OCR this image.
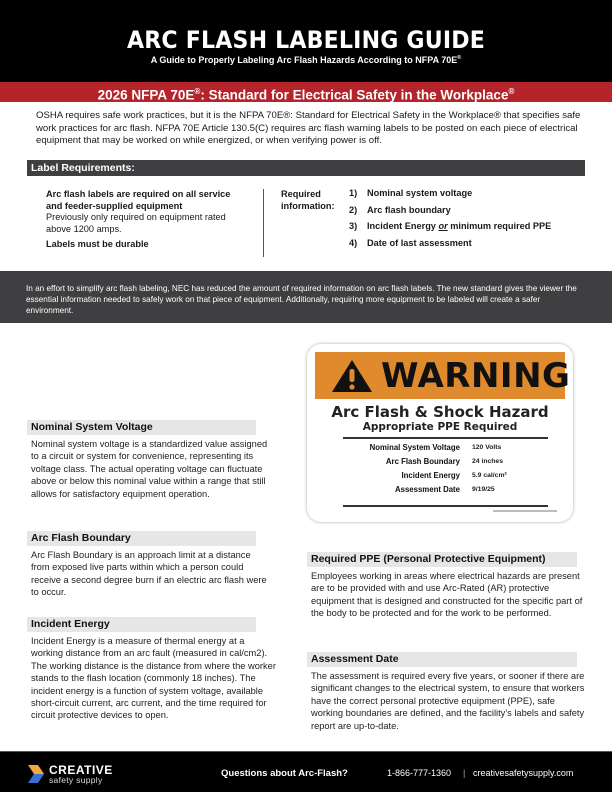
ARC FLASH LABELING GUIDE
A Guide to Properly Labeling Arc Flash Hazards According to NFPA 70E®
2026 NFPA 70E®: Standard for Electrical Safety in the Workplace®

OSHA requires safe work practices, but it is the NFPA 70E®: Standard for Electrical Safety in the Workplace® that specifies safe work practices for arc flash. NFPA 70E Article 130.5(C) requires arc flash warning labels to be posted on each piece of electrical equipment that may be worked on while energized, or when verifying power is off.

Label Requirements:
Arc flash labels are required on all service and feeder-supplied equipment
Previously only required on equipment rated above 1200 amps.
Labels must be durable
Required information:
1)	Nominal system voltage
2)	Arc flash boundary
3)	Incident Energy or minimum required PPE
4)	Date of last assessment
In an effort to simplify arc flash labeling, NEC has reduced the amount of required information on arc flash labels. The new standard gives the viewer the essential information needed to safely work on that piece of equipment. Additionally, requiring more equipment to be labeled will create a safer environment.
WARNING
Arc Flash & Shock Hazard
Appropriate PPE Required
Nominal System Voltage 120 Volts
Arc Flash Boundary 24 inches
Incident Energy 5.9 cal/cm²
Assessment Date 9/19/25
Nominal System Voltage

Nominal system voltage is a standardized value assigned to a circuit or system for convenience, representing its voltage class. The actual operating voltage can fluctuate above or below this nominal value within a range that still allows for satisfactory equipment operation.

Arc Flash Boundary

Arc Flash Boundary is an approach limit at a distance from exposed live parts within which a person could receive a second degree burn if an electric arc flash were to occur.

Incident Energy

Incident Energy is a measure of thermal energy at a working distance from an arc fault (measured in cal/cm2). The working distance is the distance from where the worker stands to the flash location (commonly 18 inches). The incident energy is a function of system voltage, available short-circuit current, arc current, and the time required for circuit protective devices to open.

Required PPE (Personal Protective Equipment)

Employees working in areas where electrical hazards are present are to be provided with and use Arc-Rated (AR) protective equipment that is designed and constructed for the specific part of the body to be protected and for the work to be performed.

Assessment Date

The assessment is required every five years, or sooner if there are significant changes to the electrical system, to ensure that workers have the correct personal protective equipment (PPE), safe working boundaries are defined, and the facility's labels and safety report are up-to-date.

CREATIVE
safety supply
Questions about Arc-Flash?	1-866-777-1360 | creativesafetysupply.com
